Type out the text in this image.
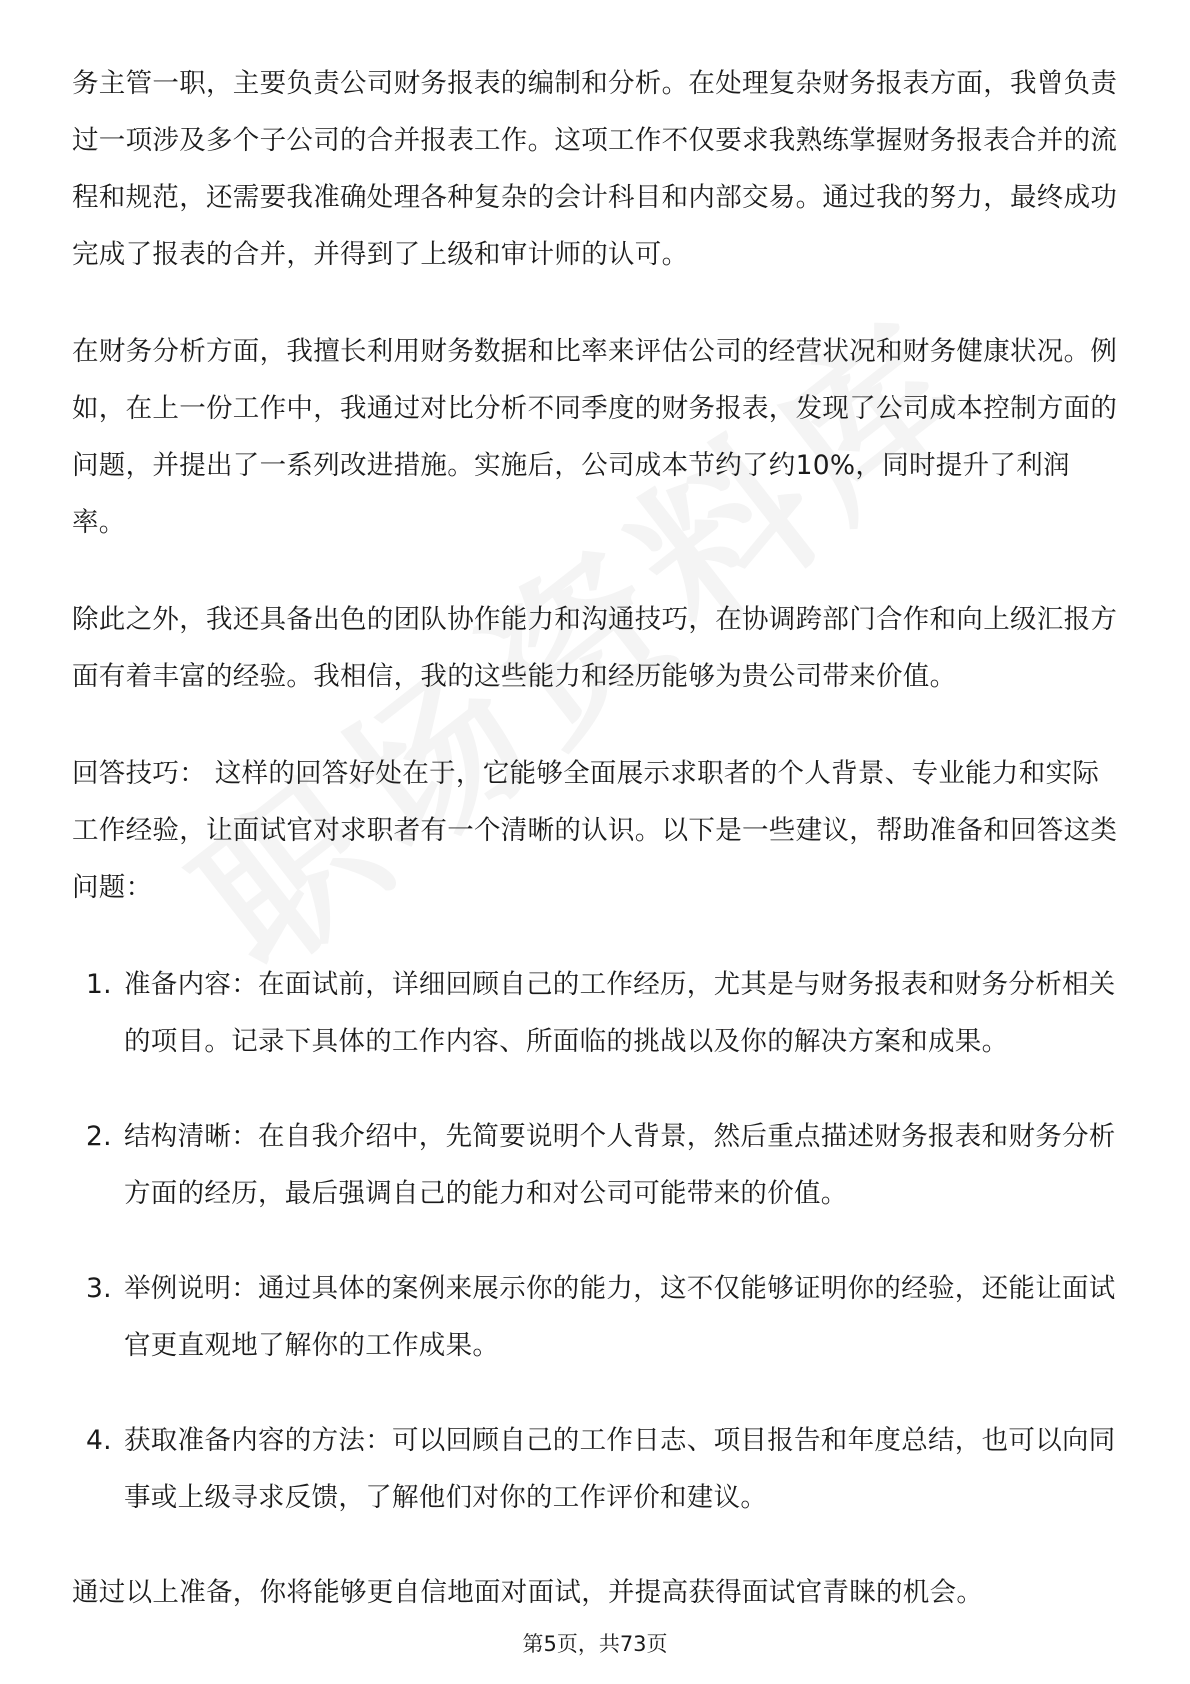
务主管一职，主要负责公司财务报表的编制和分析。在处理复杂财务报表方面，我曾负责过一项涉及多个子公司的合并报表工作。这项工作不仅要求我熟练掌握财务报表合并的流程和规范，还需要我准确处理各种复杂的会计科目和内部交易。通过我的努力，最终成功完成了报表的合并，并得到了上级和审计师的认可。

在财务分析方面，我擅长利用财务数据和比率来评估公司的经营状况和财务健康状况。例如，在上一份工作中，我通过对比分析不同季度的财务报表，发现了公司成本控制方面的问题，并提出了一系列改进措施。实施后，公司成本节约了约10%，同时提升了利润率。

除此之外，我还具备出色的团队协作能力和沟通技巧，在协调跨部门合作和向上级汇报方面有着丰富的经验。我相信，我的这些能力和经历能够为贵公司带来价值。

回答技巧： 这样的回答好处在于，它能够全面展示求职者的个人背景、专业能力和实际工作经验，让面试官对求职者有一个清晰的认识。以下是一些建议，帮助准备和回答这类问题：

1. 准备内容：在面试前，详细回顾自己的工作经历，尤其是与财务报表和财务分析相关的项目。记录下具体的工作内容、所面临的挑战以及你的解决方案和成果。
2. 结构清晰：在自我介绍中，先简要说明个人背景，然后重点描述财务报表和财务分析方面的经历，最后强调自己的能力和对公司可能带来的价值。
3. 举例说明：通过具体的案例来展示你的能力，这不仅能够证明你的经验，还能让面试官更直观地了解你的工作成果。
4. 获取准备内容的方法：可以回顾自己的工作日志、项目报告和年度总结，也可以向同事或上级寻求反馈，了解他们对你的工作评价和建议。

通过以上准备，你将能够更自信地面对面试，并提高获得面试官青睐的机会。

第5页，共73页
